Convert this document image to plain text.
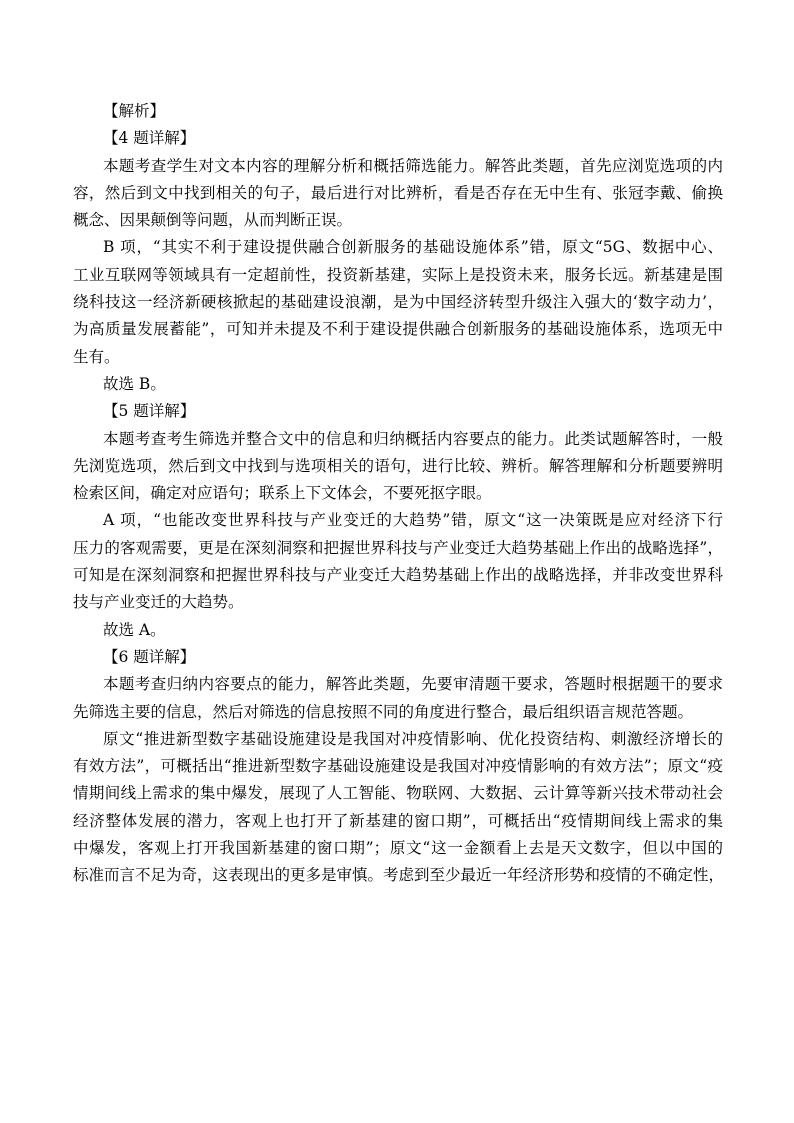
【解析】
【4 题详解】
本题考查学生对文本内容的理解分析和概括筛选能力。解答此类题，首先应浏览选项的内
容，然后到文中找到相关的句子，最后进行对比辨析，看是否存在无中生有、张冠李戴、偷换
概念、因果颠倒等问题，从而判断正误。
B 项，“其实不利于建设提供融合创新服务的基础设施体系”错，原文“5G、数据中心、
工业互联网等领域具有一定超前性，投资新基建，实际上是投资未来，服务长远。新基建是围
绕科技这一经济新硬核掀起的基础建设浪潮，是为中国经济转型升级注入强大的‘数字动力’，
为高质量发展蓄能”，可知并未提及不利于建设提供融合创新服务的基础设施体系，选项无中
生有。
故选 B。
【5 题详解】
本题考查考生筛选并整合文中的信息和归纳概括内容要点的能力。此类试题解答时，一般
先浏览选项，然后到文中找到与选项相关的语句，进行比较、辨析。解答理解和分析题要辨明
检索区间，确定对应语句；联系上下文体会，不要死抠字眼。
A 项，“也能改变世界科技与产业变迁的大趋势”错，原文“这一决策既是应对经济下行
压力的客观需要，更是在深刻洞察和把握世界科技与产业变迁大趋势基础上作出的战略选择”，
可知是在深刻洞察和把握世界科技与产业变迁大趋势基础上作出的战略选择，并非改变世界科
技与产业变迁的大趋势。
故选 A。
【6 题详解】
本题考查归纳内容要点的能力，解答此类题，先要审清题干要求，答题时根据题干的要求
先筛选主要的信息，然后对筛选的信息按照不同的角度进行整合，最后组织语言规范答题。
原文“推进新型数字基础设施建设是我国对冲疫情影响、优化投资结构、刺激经济增长的
有效方法”，可概括出“推进新型数字基础设施建设是我国对冲疫情影响的有效方法”；原文“疫
情期间线上需求的集中爆发，展现了人工智能、物联网、大数据、云计算等新兴技术带动社会
经济整体发展的潜力，客观上也打开了新基建的窗口期”，可概括出“疫情期间线上需求的集
中爆发，客观上打开我国新基建的窗口期”；原文“这一金额看上去是天文数字，但以中国的
标准而言不足为奇，这表现出的更多是审慎。考虑到至少最近一年经济形势和疫情的不确定性，
